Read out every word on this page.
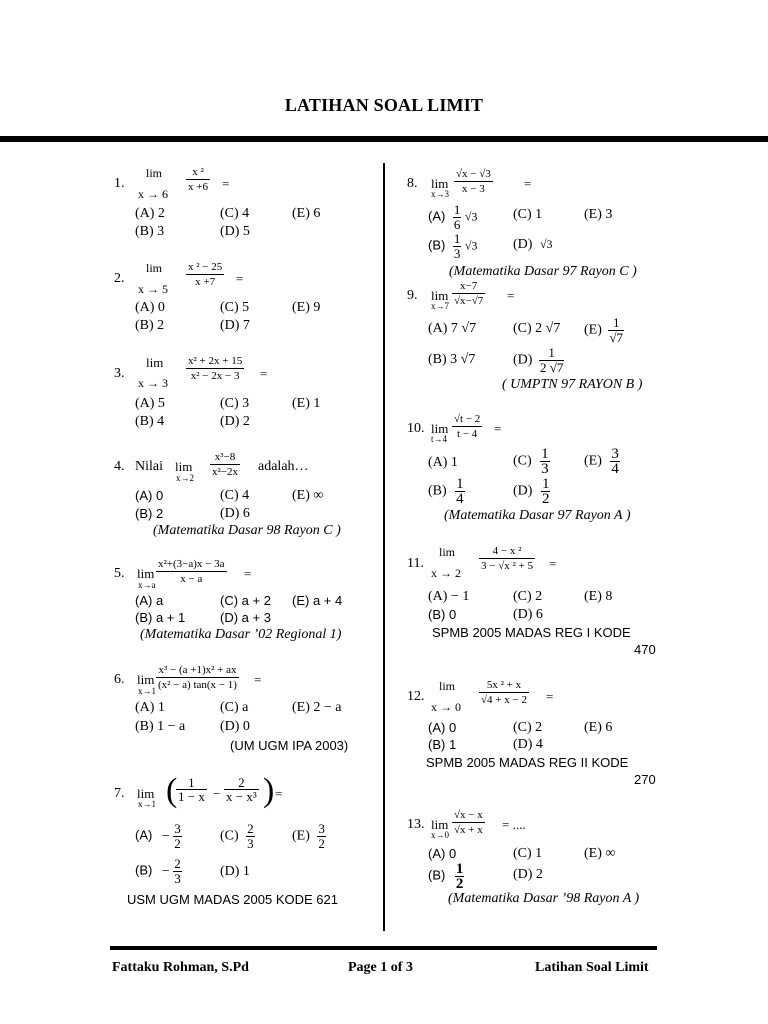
LATIHAN SOAL LIMIT
1.
lim
$x \to 6 \frac{\text{x ²}}{x +6}$ =
(A) 2	(C) 4	(E) 6
(B) 3	(D) 5
2.
lim
$x \to 5 \frac{\text{x ² − 25}}{x +7}$ =
(A) 0	(C) 5	(E) 9
(B) 2	(D) 7
3.
lim
$x \to 3 \frac{\text{x² + 2x + 15}}{\text{x² − 2x − 3}}$ =
(A) 5	(C) 3	(E) 1
(B) 4	(D) 2
4. Nilai lim
$x\to 2 \frac{\text{x³−8}}{\text{x²−2x}}$ adalah…
(A) 0	(C) 4	(E) ∞
(B) 2	(D) 6
(Matematika Dasar 98 Rayon C )
5. lim
$x\to a \frac{\text{x²+(3−a)x − 3a}}{x - a}$ =
(A) a	(C) a + 2 (E) a + 4
(B) a + 1	(D) a + 3
(Matematika Dasar ’02 Regional 1)
6. lim
$x\to 1 \frac{\text{x³ − (a +1)x² + ax}}{\text{(x² − a) tan(x − 1)}}$ =
(A) 1	(C) a	(E) 2 − a
(B) 1 − a (D) 0
(UM UGM IPA 2003)
7. lim
x→1 (
$\frac{1}{1 - x} - \frac{2}{\text{x − x³}}$ ) =
$(A) - \frac{3}{2}$	$(C) \frac{2}{3}$	$(E) \frac{3}{2}$
$(B) - \frac{2}{3}$	(D) 1
USM UGM MADAS 2005 KODE 621
8. lim
$x\to 3 \frac{√x - √3}{x - 3}$ =
$(A) \frac{1}{6} √3$	(C) 1	(E) 3
$(B) \frac{1}{3} √3$	(D) √3
(Matematika Dasar 97 Rayon C )
9. lim
$x\to 7 \frac{x-7}{√x-√7}$ =
(A) 7 √7	(C) 2 √7 $(E) \frac{1}{√7}$
(B) 3 √7	$(D) \frac{1}{2 √7}$
( UMPTN 97 RAYON B )
10. lim
$t\to 4 \frac{√t - 2}{t - 4}$ =
(A) 1	$(C) \frac{1}{3} (E) \frac{3}{4}$
$(B) \frac{1}{4}$	$(D) \frac{1}{2}$
(Matematika Dasar 97 Rayon A )
11.
lim
$x \to 2 \frac{\text{4 − x ²}}{\text{3 − √x ² + 5}}$ =
(A) − 1	(C) 2	(E) 8
(B) 0	(D) 6
SPMB 2005 MADAS REG I KODE
470
12.
lim
$x \to 0 \frac{\text{5x ² + x}}{√4 + x - 2}$ =
(A) 0	(C) 2	(E) 6
(B) 1	(D) 4
SPMB 2005 MADAS REG II KODE
270
13. lim
$x\to 0 \frac{√x - x}{√x + x}$ = ....
(A) 0	(C) 1	(E) ∞
$(B) \frac{1}{2}$	(D) 2
(Matematika Dasar ’98 Rayon A )
Fattaku Rohman, S.Pd	Page 1 of 3	Latihan Soal Limit
